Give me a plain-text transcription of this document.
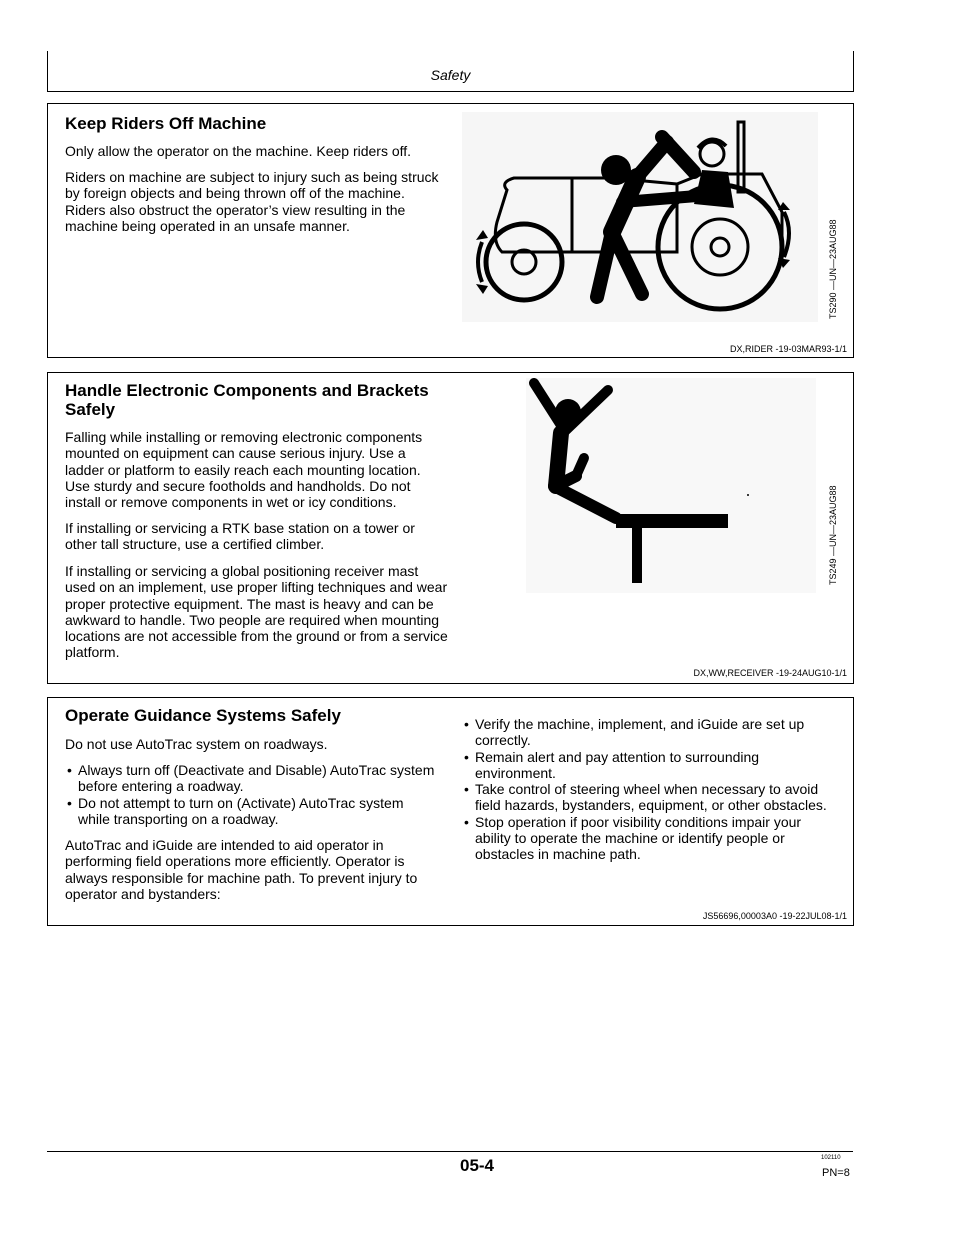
Safety
Keep Riders Off Machine
Only allow the operator on the machine. Keep riders off.
Riders on machine are subject to injury such as being struck by foreign objects and being thrown off of the machine. Riders also obstruct the operator’s view resulting in the machine being operated in an unsafe manner.	TS290 —UN—23AUG88
DX,RIDER -19-03MAR93-1/1
Handle Electronic Components and Brackets Safely
Falling while installing or removing electronic components mounted on equipment can cause serious injury. Use a ladder or platform to easily reach each mounting location. Use sturdy and secure footholds and handholds. Do not install or remove components in wet or icy conditions.
If installing or servicing a RTK base station on a tower or other tall structure, use a certified climber.
If installing or servicing a global positioning receiver mast used on an implement, use proper lifting techniques and wear proper protective equipment. The mast is heavy and can be awkward to handle. Two people are required when mounting locations are not accessible from the ground or from a service platform.
TS249 —UN—23AUG88
DX,WW,RECEIVER -19-24AUG10-1/1
Operate Guidance Systems Safely
Do not use AutoTrac system on roadways.
• Always turn off (Deactivate and Disable) AutoTrac system before entering a roadway.
• Do not attempt to turn on (Activate) AutoTrac system while transporting on a roadway.
AutoTrac and iGuide are intended to aid operator in performing field operations more efficiently. Operator is always responsible for machine path. To prevent injury to operator and bystanders:
• Verify the machine, implement, and iGuide are set up correctly.
• Remain alert and pay attention to surrounding environment.
• Take control of steering wheel when necessary to avoid field hazards, bystanders, equipment, or other obstacles.
• Stop operation if poor visibility conditions impair your ability to operate the machine or identify people or obstacles in machine path.
JS56696,00003A0 -19-22JUL08-1/1
05-4	102110
PN=8
